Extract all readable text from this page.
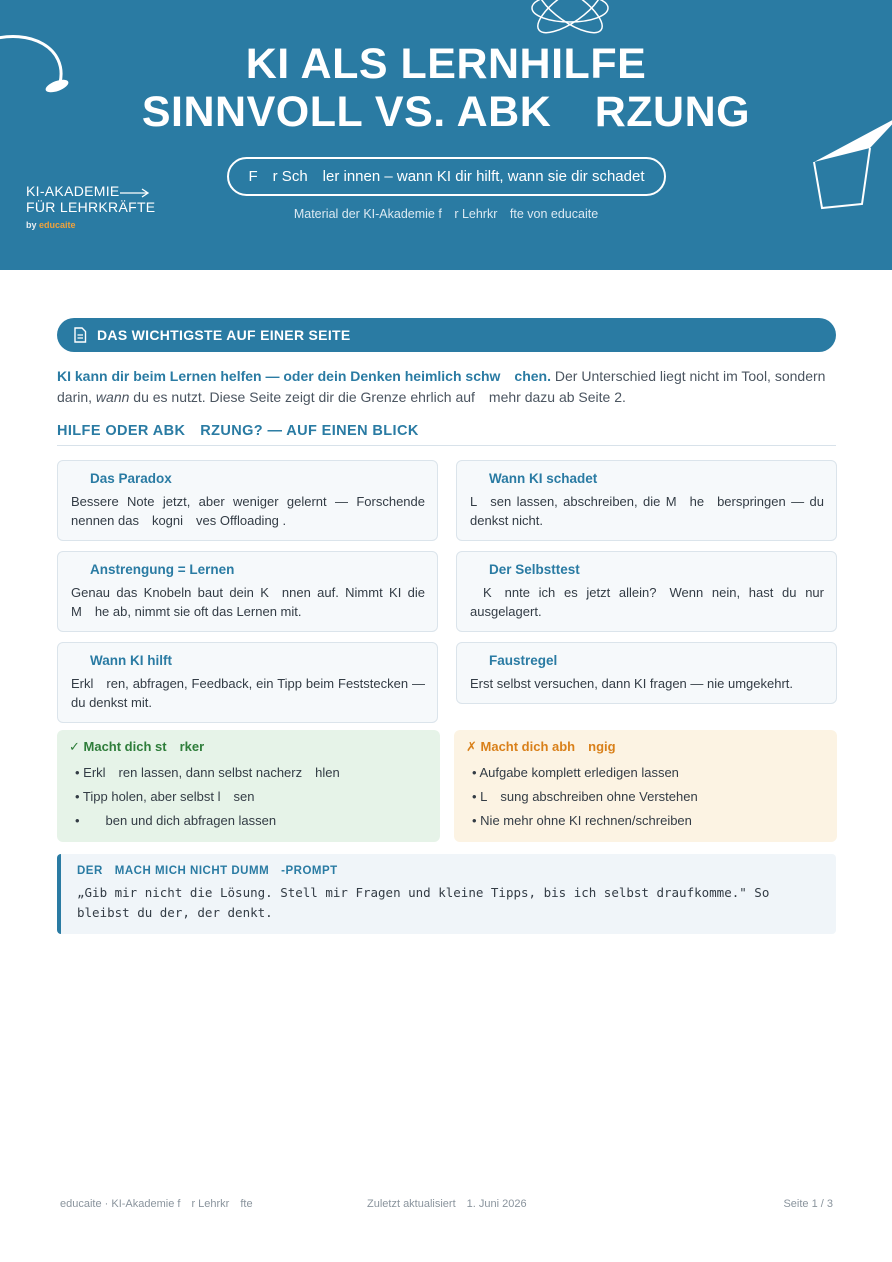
KI ALS LERNHILFE
SINNVOLL VS. ABK RZUNG
F r Sch ler innen – wann KI dir hilft, wann sie dir schadet
Material der KI-Akademie f r Lehrkr fte von educaite
KI-AKADEMIE
FÜR LEHRKRÄFTE
by educaite
DAS WICHTIGSTE AUF EINER SEITE
KI kann dir beim Lernen helfen — oder dein Denken heimlich schw chen. Der Unterschied liegt nicht im Tool, sondern darin, wann du es nutzt. Diese Seite zeigt dir die Grenze ehrlich auf mehr dazu ab Seite 2.
HILFE ODER ABK RZUNG? — AUF EINEN BLICK
Das Paradox
Bessere Note jetzt, aber weniger gelernt — Forschende nennen das kogni ves Offloading .
Wann KI schadet
L sen lassen, abschreiben, die M he berspringen — du denkst nicht.
Anstrengung = Lernen
Genau das Knobeln baut dein K nnen auf. Nimmt KI die M he ab, nimmt sie oft das Lernen mit.
Der Selbsttest
 K nnte ich es jetzt allein? Wenn nein, hast du nur ausgelagert.
Wann KI hilft
Erkl ren, abfragen, Feedback, ein Tipp beim Feststecken — du denkst mit.
Faustregel
Erst selbst versuchen, dann KI fragen — nie umgekehrt.
✓ Macht dich st rker
• Erkl ren lassen, dann selbst nacherz hlen
• Tipp holen, aber selbst l sen
•  ben und dich abfragen lassen
✗ Macht dich abh ngig
• Aufgabe komplett erledigen lassen
• L sung abschreiben ohne Verstehen
• Nie mehr ohne KI rechnen/schreiben
DER MACH MICH NICHT DUMM -PROMPT
„Gib mir nicht die Lösung. Stell mir Fragen und kleine Tipps, bis ich selbst draufkomme." So bleibst du der, der denkt.
educaite · KI-Akademie f r Lehrkr fte	Zuletzt aktualisiert 1. Juni 2026	Seite 1 / 3
